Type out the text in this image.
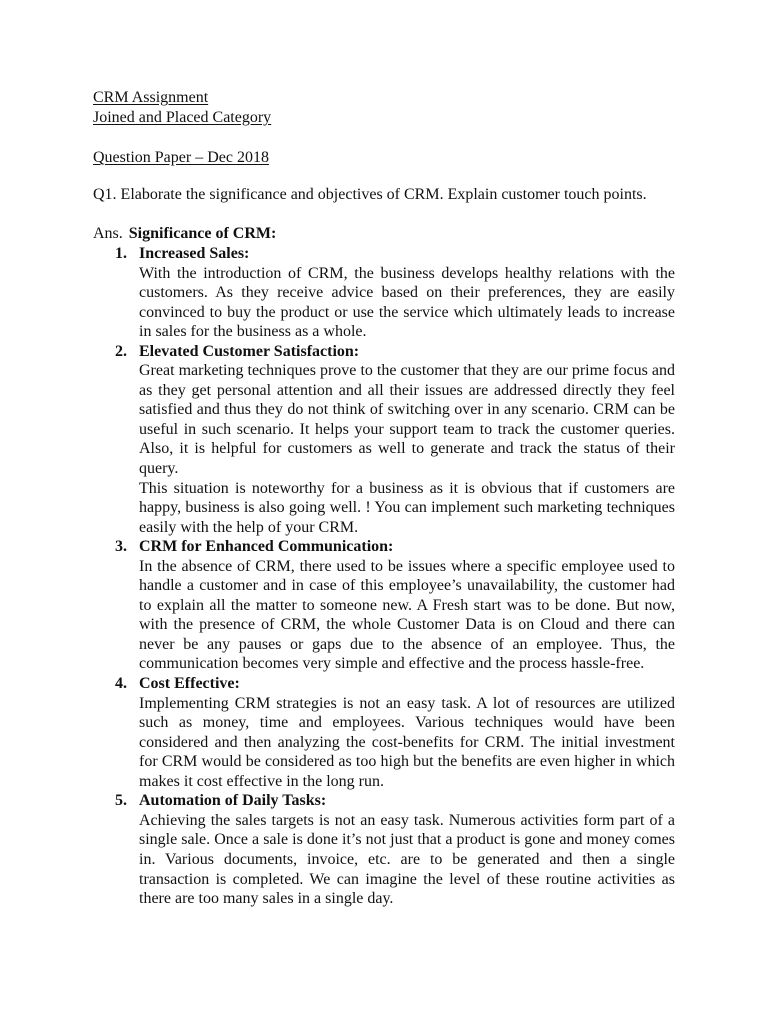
CRM Assignment
Joined and Placed Category
Question Paper – Dec 2018
Q1. Elaborate the significance and objectives of CRM. Explain customer touch points.
Ans. Significance of CRM:
1. Increased Sales:

With the introduction of CRM, the business develops healthy relations with the customers. As they receive advice based on their preferences, they are easily convinced to buy the product or use the service which ultimately leads to increase in sales for the business as a whole.

2. Elevated Customer Satisfaction:

Great marketing techniques prove to the customer that they are our prime focus and as they get personal attention and all their issues are addressed directly they feel satisfied and thus they do not think of switching over in any scenario. CRM can be useful in such scenario. It helps your support team to track the customer queries. Also, it is helpful for customers as well to generate and track the status of their query.

This situation is noteworthy for a business as it is obvious that if customers are happy, business is also going well. ! You can implement such marketing techniques easily with the help of your CRM.

3. CRM for Enhanced Communication:

In the absence of CRM, there used to be issues where a specific employee used to handle a customer and in case of this employee’s unavailability, the customer had to explain all the matter to someone new. A Fresh start was to be done. But now, with the presence of CRM, the whole Customer Data is on Cloud and there can never be any pauses or gaps due to the absence of an employee. Thus, the communication becomes very simple and effective and the process hassle-free.

4. Cost Effective:

Implementing CRM strategies is not an easy task. A lot of resources are utilized such as money, time and employees. Various techniques would have been considered and then analyzing the cost-benefits for CRM. The initial investment for CRM would be considered as too high but the benefits are even higher in which makes it cost effective in the long run.

5. Automation of Daily Tasks:

Achieving the sales targets is not an easy task. Numerous activities form part of a single sale. Once a sale is done it’s not just that a product is gone and money comes in. Various documents, invoice, etc. are to be generated and then a single transaction is completed. We can imagine the level of these routine activities as there are too many sales in a single day.
